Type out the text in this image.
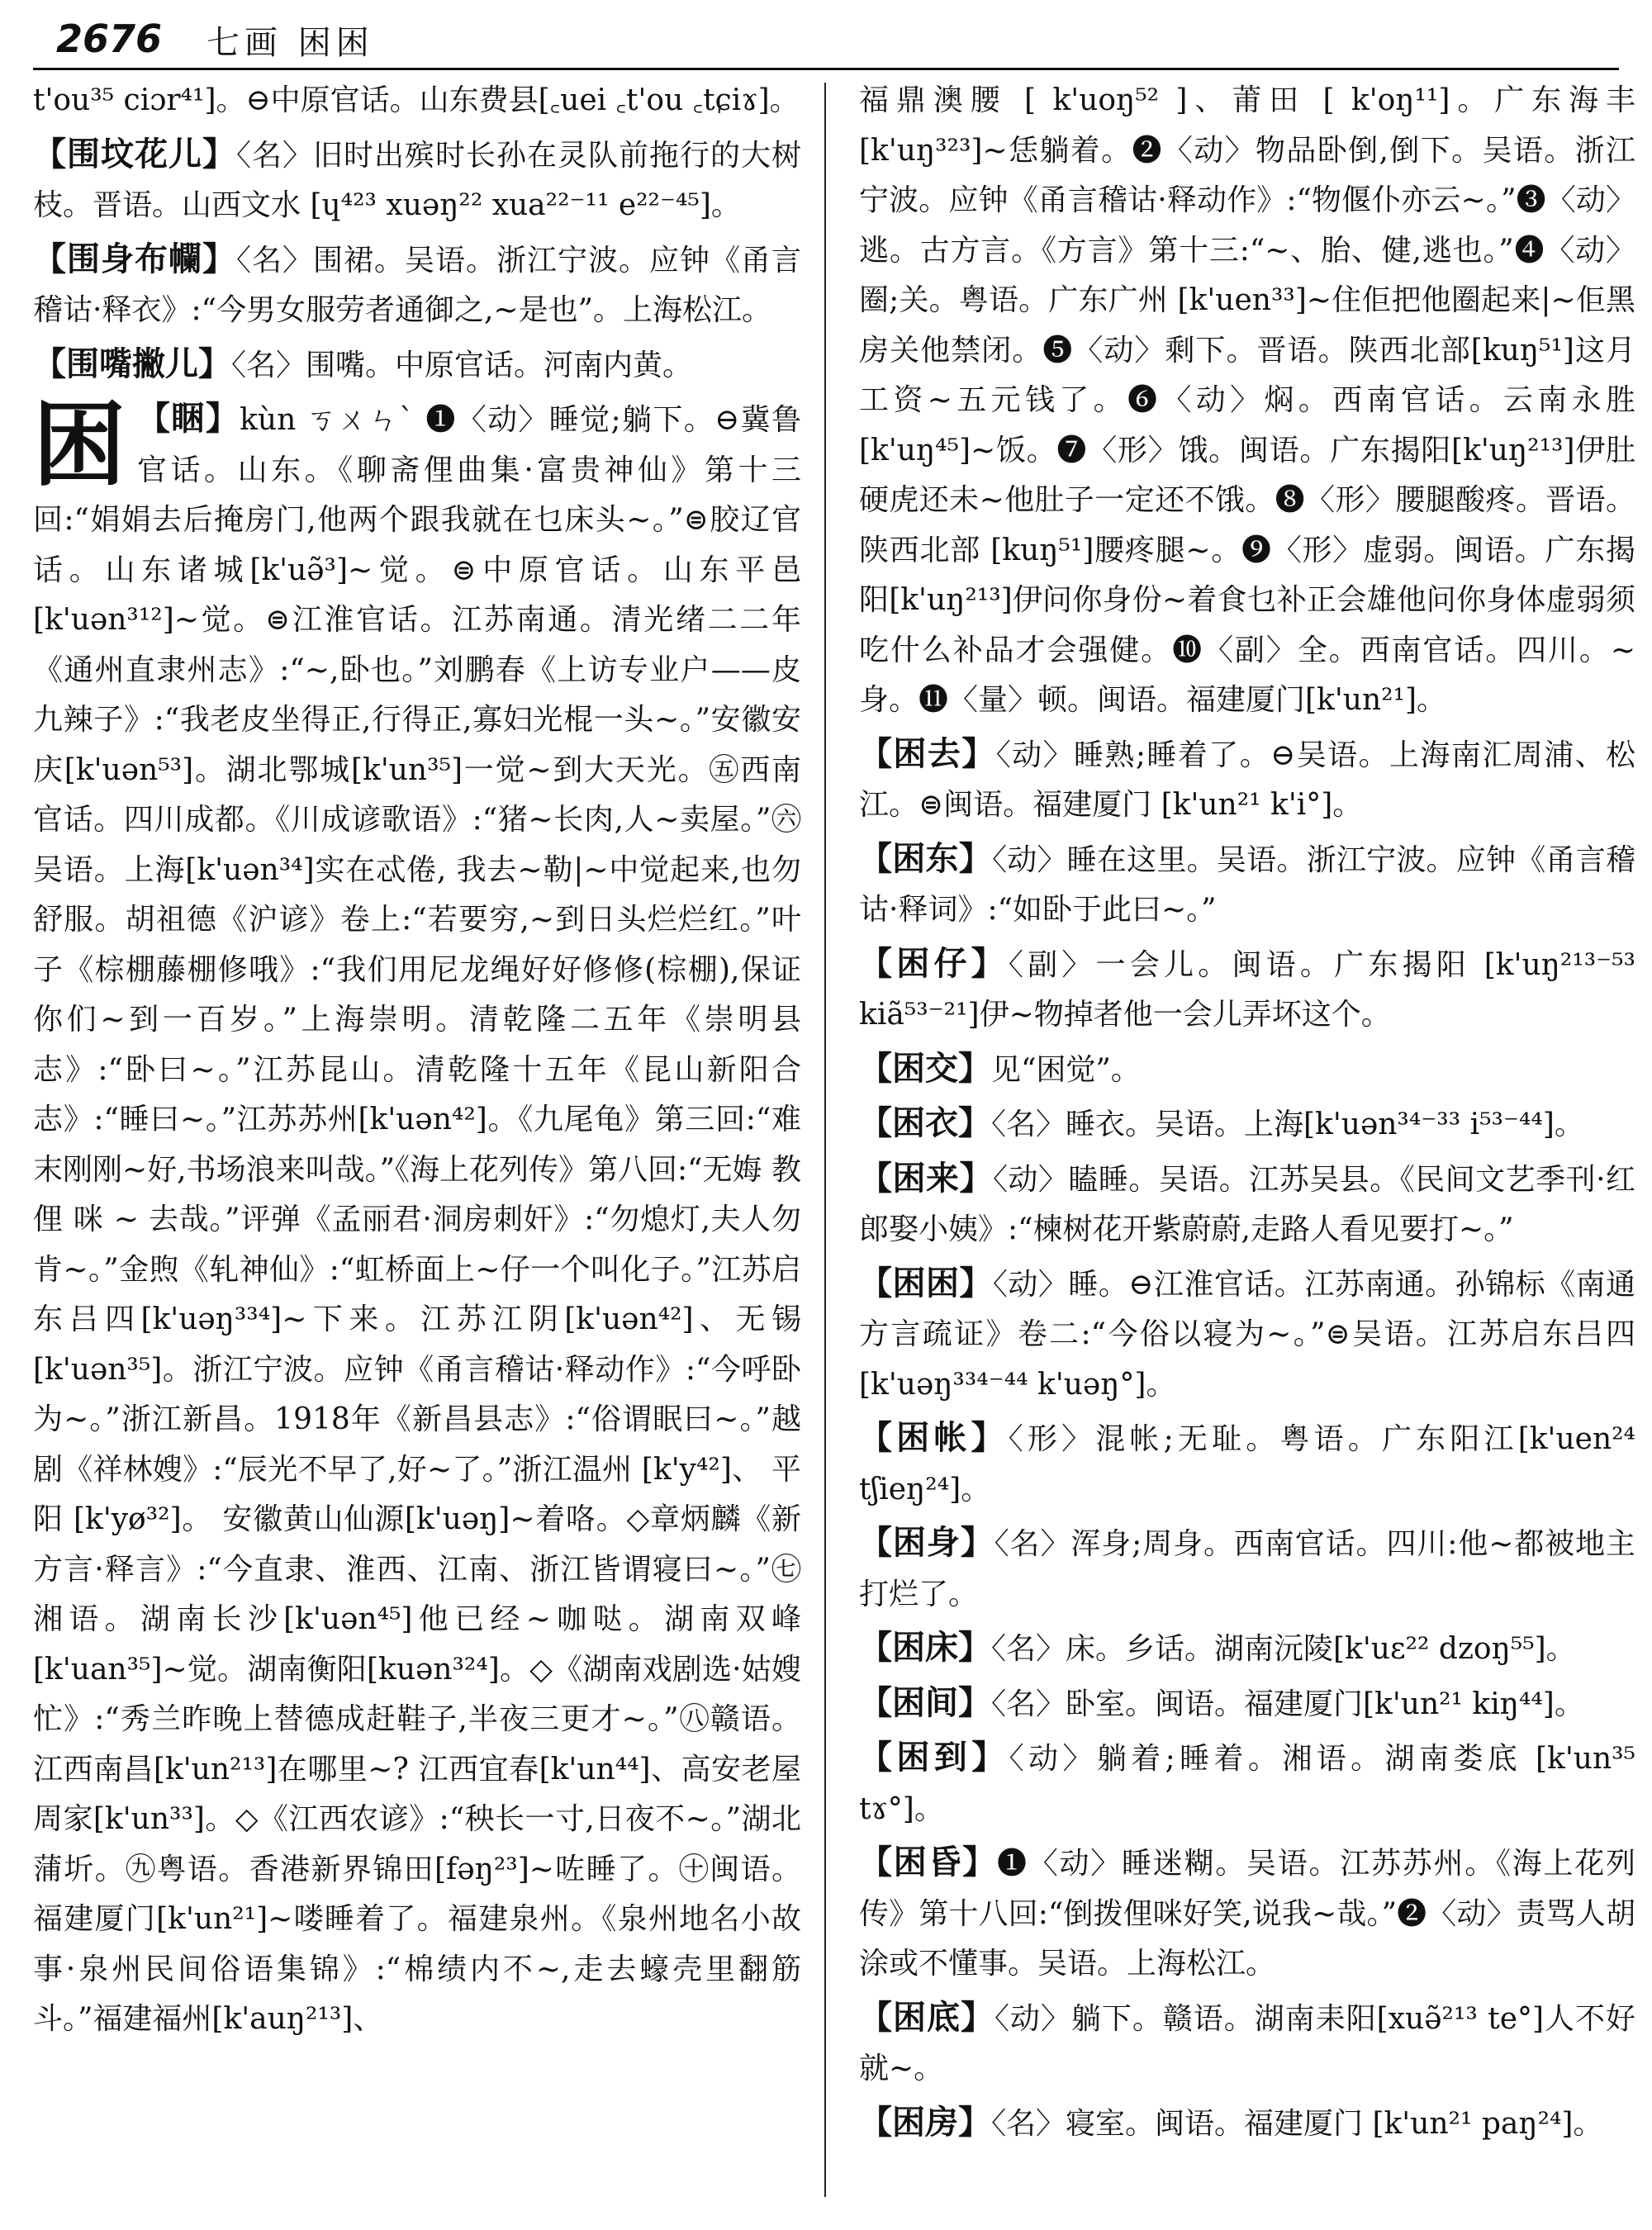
2676 七画 困困
t'ou³⁵ ciɔr⁴¹]。⊖中原官话。山东费县[꜀uei ꜀t'ou ꜀tɕiɤ]。
【围坟花儿】〈名〉旧时出殡时长孙在灵队前拖行的大树枝。晋语。山西文水 [ɥ⁴²³ xuəŋ²² xua²²⁻¹¹ e²²⁻⁴⁵]。
【围身布幱】〈名〉围裙。吴语。浙江宁波。应钟《甬言稽诂·释衣》:“今男女服劳者通御之,~是也”。上海松江。
【围嘴撇儿】〈名〉围嘴。中原官话。河南内黄。
困 【睏】kùn ㄎㄨㄣˋ ❶〈动〉睡觉;躺下。⊖冀鲁官话。山东。《聊斋俚曲集·富贵神仙》第十三回:“娟娟去后掩房门,他两个跟我就在乜床头~。”⊜胶辽官话。山东诸城[k'uə̃³]~觉。⊜中原官话。山东平邑[k'uən³¹²]~觉。⊜江淮官话。江苏南通。清光绪二二年《通州直隶州志》:“~,卧也。”刘鹏春《上访专业户——皮九辣子》:“我老皮坐得正,行得正,寡妇光棍一头~。”安徽安庆[k'uən⁵³]。湖北鄂城[k'un³⁵]一觉~到大天光。㊄西南官话。四川成都。《川成谚歌语》:“猪~长肉,人~卖屋。”㊅吴语。上海[k'uən³⁴]实在忒倦, 我去~勒|~中觉起来,也勿舒服。胡祖德《沪谚》卷上:“若要穷,~到日头烂烂红。”叶子《棕棚藤棚修哦》:“我们用尼龙绳好好修修(棕棚),保证你们~到一百岁。”上海崇明。清乾隆二五年《崇明县志》:“卧曰~。”江苏昆山。清乾隆十五年《昆山新阳合志》:“睡曰~。”江苏苏州[k'uən⁴²]。《九尾龟》第三回:“难末刚刚~好,书场浪来叫哉。”《海上花列传》第八回:“无娒 教 俚 咪 ~ 去哉。”评弹《孟丽君·洞房刺奸》:“勿熄灯,夫人勿肯~。”金煦《轧神仙》:“虹桥面上~仔一个叫化子。”江苏启东吕四[k'uəŋ³³⁴]~下来。江苏江阴[k'uən⁴²]、无锡 [k'uən³⁵]。浙江宁波。应钟《甬言稽诂·释动作》:“今呼卧为~。”浙江新昌。1918年《新昌县志》:“俗谓眠曰~。”越剧《祥林嫂》:“辰光不早了,好~了。”浙江温州 [k'y⁴²]、 平阳 [k'yø³²]。 安徽黄山仙源[k'uəŋ]~着咯。◇章炳麟《新方言·释言》:“今直隶、淮西、江南、浙江皆谓寝曰~。”㊆湘语。湖南长沙[k'uən⁴⁵]他已经~咖哒。湖南双峰[k'uan³⁵]~觉。湖南衡阳[kuən³²⁴]。◇《湖南戏剧选·姑嫂忙》:“秀兰昨晚上替德成赶鞋子,半夜三更才~。”㊇赣语。江西南昌[k'un²¹³]在哪里~? 江西宜春[k'un⁴⁴]、高安老屋周家[k'un³³]。◇《江西农谚》:“秧长一寸,日夜不~。”湖北蒲圻。㊈粤语。香港新界锦田[fəŋ²³]~咗睡了。㊉闽语。福建厦门[k'un²¹]~喽睡着了。福建泉州。《泉州地名小故事·泉州民间俗语集锦》:“棉绩内不~,走去蠔壳里翻筋斗。”福建福州[k'auŋ²¹³]、
福鼎澳腰 [ k'uoŋ⁵² ]、莆田 [ k'oŋ¹¹]。广东海丰[k'uŋ³²³]~恁躺着。❷〈动〉物品卧倒,倒下。吴语。浙江宁波。应钟《甬言稽诂·释动作》:“物偃仆亦云~。”❸〈动〉逃。古方言。《方言》第十三:“~、胎、健,逃也。”❹〈动〉圈;关。粤语。广东广州 [k'uen³³]~住佢把他圈起来|~佢黑房关他禁闭。❺〈动〉剩下。晋语。陕西北部[kuŋ⁵¹]这月工资~五元钱了。❻〈动〉焖。西南官话。云南永胜[k'uŋ⁴⁵]~饭。❼〈形〉饿。闽语。广东揭阳[k'uŋ²¹³]伊肚硬虎还未~他肚子一定还不饿。❽〈形〉腰腿酸疼。晋语。陕西北部 [kuŋ⁵¹]腰疼腿~。❾〈形〉虚弱。闽语。广东揭阳[k'uŋ²¹³]伊问你身份~着食乜补正会雄他问你身体虚弱须吃什么补品才会强健。❿〈副〉全。西南官话。四川。~身。⓫〈量〉顿。闽语。福建厦门[k'un²¹]。
【困去】〈动〉睡熟;睡着了。⊖吴语。上海南汇周浦、松江。⊜闽语。福建厦门 [k'un²¹ k'i°]。
【困东】〈动〉睡在这里。吴语。浙江宁波。应钟《甬言稽诂·释词》:“如卧于此曰~。”
【困仔】〈副〉一会儿。闽语。广东揭阳 [k'uŋ²¹³⁻⁵³ kiã⁵³⁻²¹]伊~物掉者他一会儿弄坏这个。
【困交】见“困觉”。
【困衣】〈名〉睡衣。吴语。上海[k'uən³⁴⁻³³ i⁵³⁻⁴⁴]。
【困来】〈动〉瞌睡。吴语。江苏吴县。《民间文艺季刊·红郎娶小姨》:“楝树花开紫蔚蔚,走路人看见要打~。”
【困困】〈动〉睡。⊖江淮官话。江苏南通。孙锦标《南通方言疏证》卷二:“今俗以寝为~。”⊜吴语。江苏启东吕四[k'uəŋ³³⁴⁻⁴⁴ k'uəŋ°]。
【困帐】〈形〉混帐;无耻。粤语。广东阳江[k'uen²⁴ tʃieŋ²⁴]。
【困身】〈名〉浑身;周身。西南官话。四川:他~都被地主打烂了。
【困床】〈名〉床。乡话。湖南沅陵[k'uɛ²² dzoŋ⁵⁵]。
【困间】〈名〉卧室。闽语。福建厦门[k'un²¹ kiŋ⁴⁴]。
【困到】〈动〉躺着;睡着。湘语。湖南娄底 [k'un³⁵ tɤ°]。
【困昏】❶〈动〉睡迷糊。吴语。江苏苏州。《海上花列传》第十八回:“倒拨俚咪好笑,说我~哉。”❷〈动〉责骂人胡涂或不懂事。吴语。上海松江。
【困底】〈动〉躺下。赣语。湖南耒阳[xuə̃²¹³ te°]人不好就~。
【困房】〈名〉寝室。闽语。福建厦门 [k'un²¹ paŋ²⁴]。
